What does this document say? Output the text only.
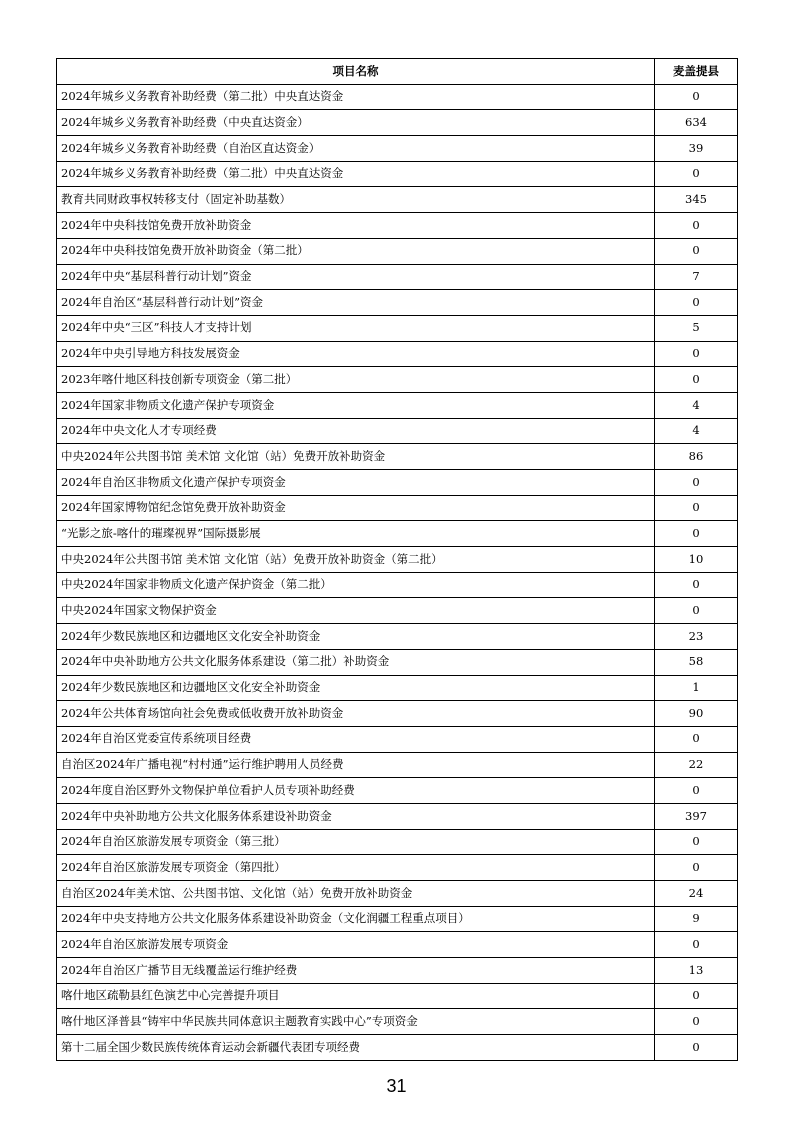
项目名称	麦盖提县
2024年城乡义务教育补助经费（第二批）中央直达资金	0
2024年城乡义务教育补助经费（中央直达资金）	634
2024年城乡义务教育补助经费（自治区直达资金）	39
2024年城乡义务教育补助经费（第二批）中央直达资金	0
教育共同财政事权转移支付（固定补助基数）	345
2024年中央科技馆免费开放补助资金	0
2024年中央科技馆免费开放补助资金（第二批）	0
2024年中央“基层科普行动计划”资金	7
2024年自治区“基层科普行动计划”资金	0
2024年中央“三区”科技人才支持计划	5
2024年中央引导地方科技发展资金	0
2023年喀什地区科技创新专项资金（第二批）	0
2024年国家非物质文化遗产保护专项资金	4
2024年中央文化人才专项经费	4
中央2024年公共图书馆 美术馆 文化馆（站）免费开放补助资金	86
2024年自治区非物质文化遗产保护专项资金	0
2024年国家博物馆纪念馆免费开放补助资金	0
“光影之旅-喀什的璀璨视界”国际摄影展	0
中央2024年公共图书馆 美术馆 文化馆（站）免费开放补助资金（第二批）	10
中央2024年国家非物质文化遗产保护资金（第二批）	0
中央2024年国家文物保护资金	0
2024年少数民族地区和边疆地区文化安全补助资金	23
2024年中央补助地方公共文化服务体系建设（第二批）补助资金	58
2024年少数民族地区和边疆地区文化安全补助资金	1
2024年公共体育场馆向社会免费或低收费开放补助资金	90
2024年自治区党委宣传系统项目经费	0
自治区2024年广播电视“村村通”运行维护聘用人员经费	22
2024年度自治区野外文物保护单位看护人员专项补助经费	0
2024年中央补助地方公共文化服务体系建设补助资金	397
2024年自治区旅游发展专项资金（第三批）	0
2024年自治区旅游发展专项资金（第四批）	0
自治区2024年美术馆、公共图书馆、文化馆（站）免费开放补助资金	24
2024年中央支持地方公共文化服务体系建设补助资金（文化润疆工程重点项目）	9
2024年自治区旅游发展专项资金	0
2024年自治区广播节目无线覆盖运行维护经费	13
喀什地区疏勒县红色演艺中心完善提升项目	0
喀什地区泽普县“铸牢中华民族共同体意识主题教育实践中心”专项资金	0
第十二届全国少数民族传统体育运动会新疆代表团专项经费	0
31
